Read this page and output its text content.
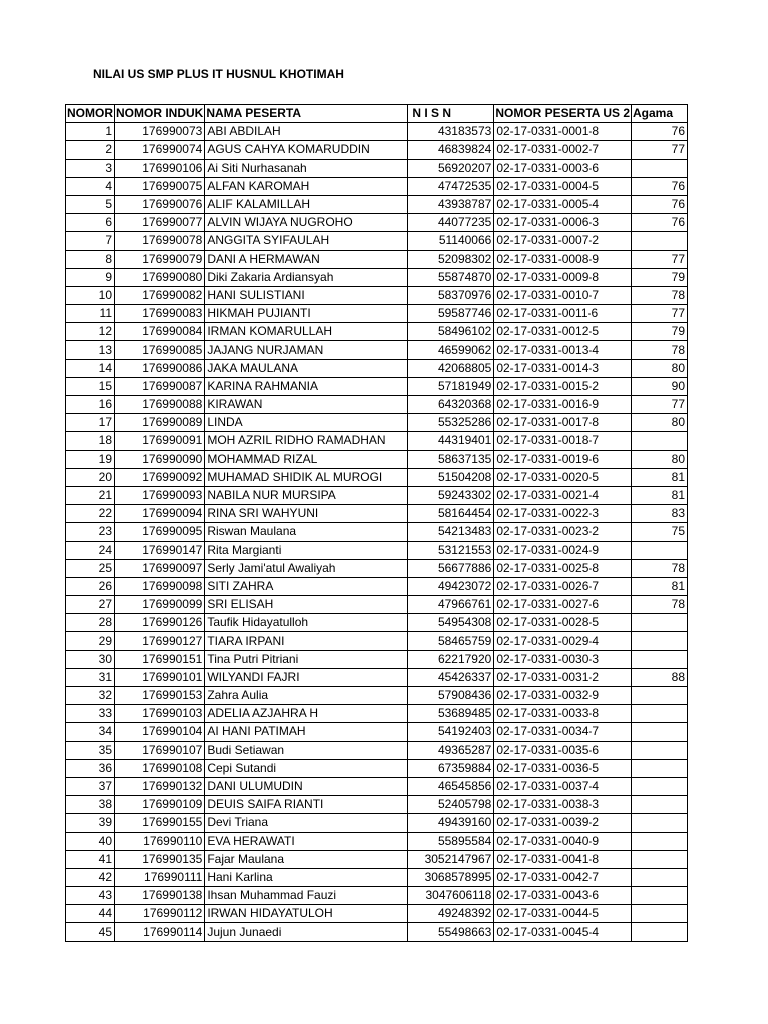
NILAI US SMP PLUS IT HUSNUL KHOTIMAH
NOMOR	NOMOR INDUK	NAMA PESERTA	N I S N	NOMOR PESERTA US 2	Agama
1	176990073	ABI ABDILAH	43183573	02-17-0331-0001-8	76
2	176990074	AGUS CAHYA KOMARUDDIN	46839824	02-17-0331-0002-7	77
3	176990106	Ai Siti Nurhasanah	56920207	02-17-0331-0003-6	
4	176990075	ALFAN KAROMAH	47472535	02-17-0331-0004-5	76
5	176990076	ALIF KALAMILLAH	43938787	02-17-0331-0005-4	76
6	176990077	ALVIN WIJAYA NUGROHO	44077235	02-17-0331-0006-3	76
7	176990078	ANGGITA SYIFAULAH	51140066	02-17-0331-0007-2	
8	176990079	DANI A HERMAWAN	52098302	02-17-0331-0008-9	77
9	176990080	Diki Zakaria Ardiansyah	55874870	02-17-0331-0009-8	79
10	176990082	HANI SULISTIANI	58370976	02-17-0331-0010-7	78
11	176990083	HIKMAH PUJIANTI	59587746	02-17-0331-0011-6	77
12	176990084	IRMAN KOMARULLAH	58496102	02-17-0331-0012-5	79
13	176990085	JAJANG NURJAMAN	46599062	02-17-0331-0013-4	78
14	176990086	JAKA MAULANA	42068805	02-17-0331-0014-3	80
15	176990087	KARINA RAHMANIA	57181949	02-17-0331-0015-2	90
16	176990088	KIRAWAN	64320368	02-17-0331-0016-9	77
17	176990089	LINDA	55325286	02-17-0331-0017-8	80
18	176990091	MOH AZRIL RIDHO RAMADHAN	44319401	02-17-0331-0018-7	
19	176990090	MOHAMMAD RIZAL	58637135	02-17-0331-0019-6	80
20	176990092	MUHAMAD SHIDIK AL MUROGI	51504208	02-17-0331-0020-5	81
21	176990093	NABILA NUR MURSIPA	59243302	02-17-0331-0021-4	81
22	176990094	RINA SRI WAHYUNI	58164454	02-17-0331-0022-3	83
23	176990095	Riswan Maulana	54213483	02-17-0331-0023-2	75
24	176990147	Rita Margianti	53121553	02-17-0331-0024-9	
25	176990097	Serly Jami'atul Awaliyah	56677886	02-17-0331-0025-8	78
26	176990098	SITI ZAHRA	49423072	02-17-0331-0026-7	81
27	176990099	SRI ELISAH	47966761	02-17-0331-0027-6	78
28	176990126	Taufik Hidayatulloh	54954308	02-17-0331-0028-5	
29	176990127	TIARA IRPANI	58465759	02-17-0331-0029-4	
30	176990151	Tina Putri Pitriani	62217920	02-17-0331-0030-3	
31	176990101	WILYANDI FAJRI	45426337	02-17-0331-0031-2	88
32	176990153	Zahra Aulia	57908436	02-17-0331-0032-9	
33	176990103	ADELIA AZJAHRA H	53689485	02-17-0331-0033-8	
34	176990104	AI HANI PATIMAH	54192403	02-17-0331-0034-7	
35	176990107	Budi Setiawan	49365287	02-17-0331-0035-6	
36	176990108	Cepi Sutandi	67359884	02-17-0331-0036-5	
37	176990132	DANI ULUMUDIN	46545856	02-17-0331-0037-4	
38	176990109	DEUIS SAIFA RIANTI	52405798	02-17-0331-0038-3	
39	176990155	Devi Triana	49439160	02-17-0331-0039-2	
40	176990110	EVA HERAWATI	55895584	02-17-0331-0040-9	
41	176990135	Fajar Maulana	3052147967	02-17-0331-0041-8	
42	176990111	Hani Karlina	3068578995	02-17-0331-0042-7	
43	176990138	Ihsan Muhammad Fauzi	3047606118	02-17-0331-0043-6	
44	176990112	IRWAN HIDAYATULOH	49248392	02-17-0331-0044-5	
45	176990114	Jujun Junaedi	55498663	02-17-0331-0045-4	
